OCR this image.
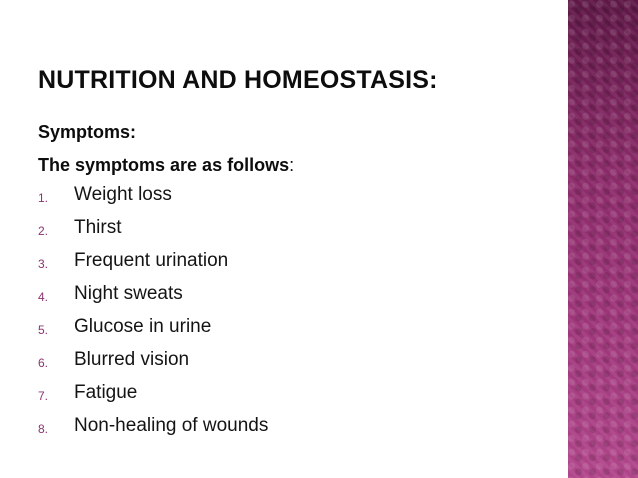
NUTRITION AND HOMEOSTASIS:
Symptoms:
The symptoms are as follows:
1. Weight loss
2. Thirst
3. Frequent urination
4. Night sweats
5. Glucose in urine
6. Blurred vision
7. Fatigue
8. Non-healing of wounds
